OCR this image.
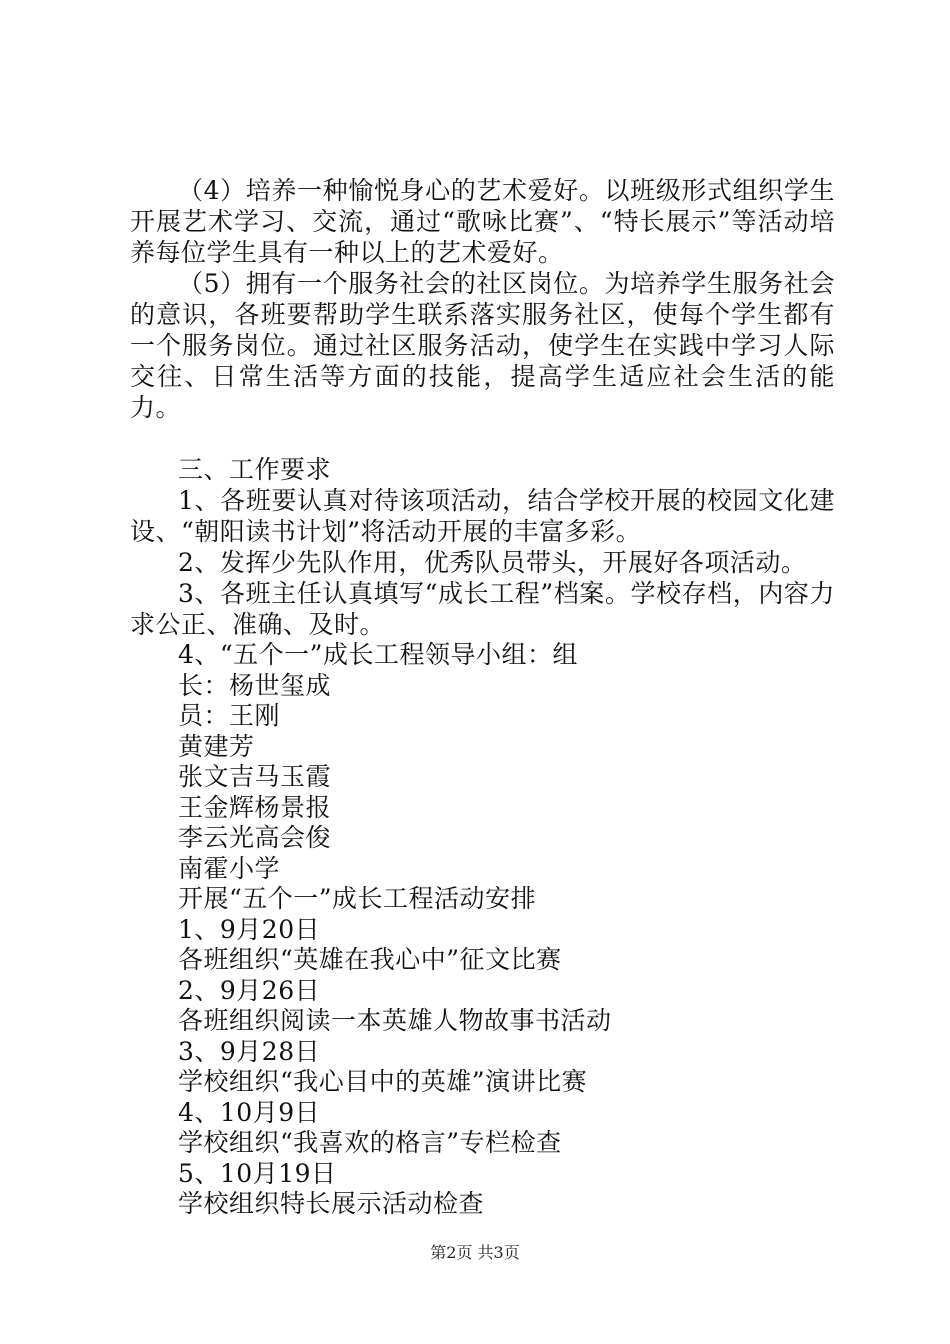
（4）培养一种愉悦身心的艺术爱好。以班级形式组织学生开展艺术学习、交流，通过“歌咏比赛”、“特长展示”等活动培养每位学生具有一种以上的艺术爱好。

（5）拥有一个服务社会的社区岗位。为培养学生服务社会的意识，各班要帮助学生联系落实服务社区，使每个学生都有一个服务岗位。通过社区服务活动，使学生在实践中学习人际交往、日常生活等方面的技能，提高学生适应社会生活的能力。

三、工作要求

1、各班要认真对待该项活动，结合学校开展的校园文化建设、“朝阳读书计划”将活动开展的丰富多彩。

2、发挥少先队作用，优秀队员带头，开展好各项活动。

3、各班主任认真填写“成长工程”档案。学校存档，内容力求公正、准确、及时。

4、“五个一”成长工程领导小组：组
长：杨世玺成
员：王刚
黄建芳
张文吉马玉霞
王金辉杨景报
李云光高会俊
南霍小学
开展“五个一”成长工程活动安排
1、9月20日
各班组织“英雄在我心中”征文比赛
2、9月26日
各班组织阅读一本英雄人物故事书活动
3、9月28日
学校组织“我心目中的英雄”演讲比赛
4、10月9日
学校组织“我喜欢的格言”专栏检查
5、10月19日
学校组织特长展示活动检查
第2页 共3页
